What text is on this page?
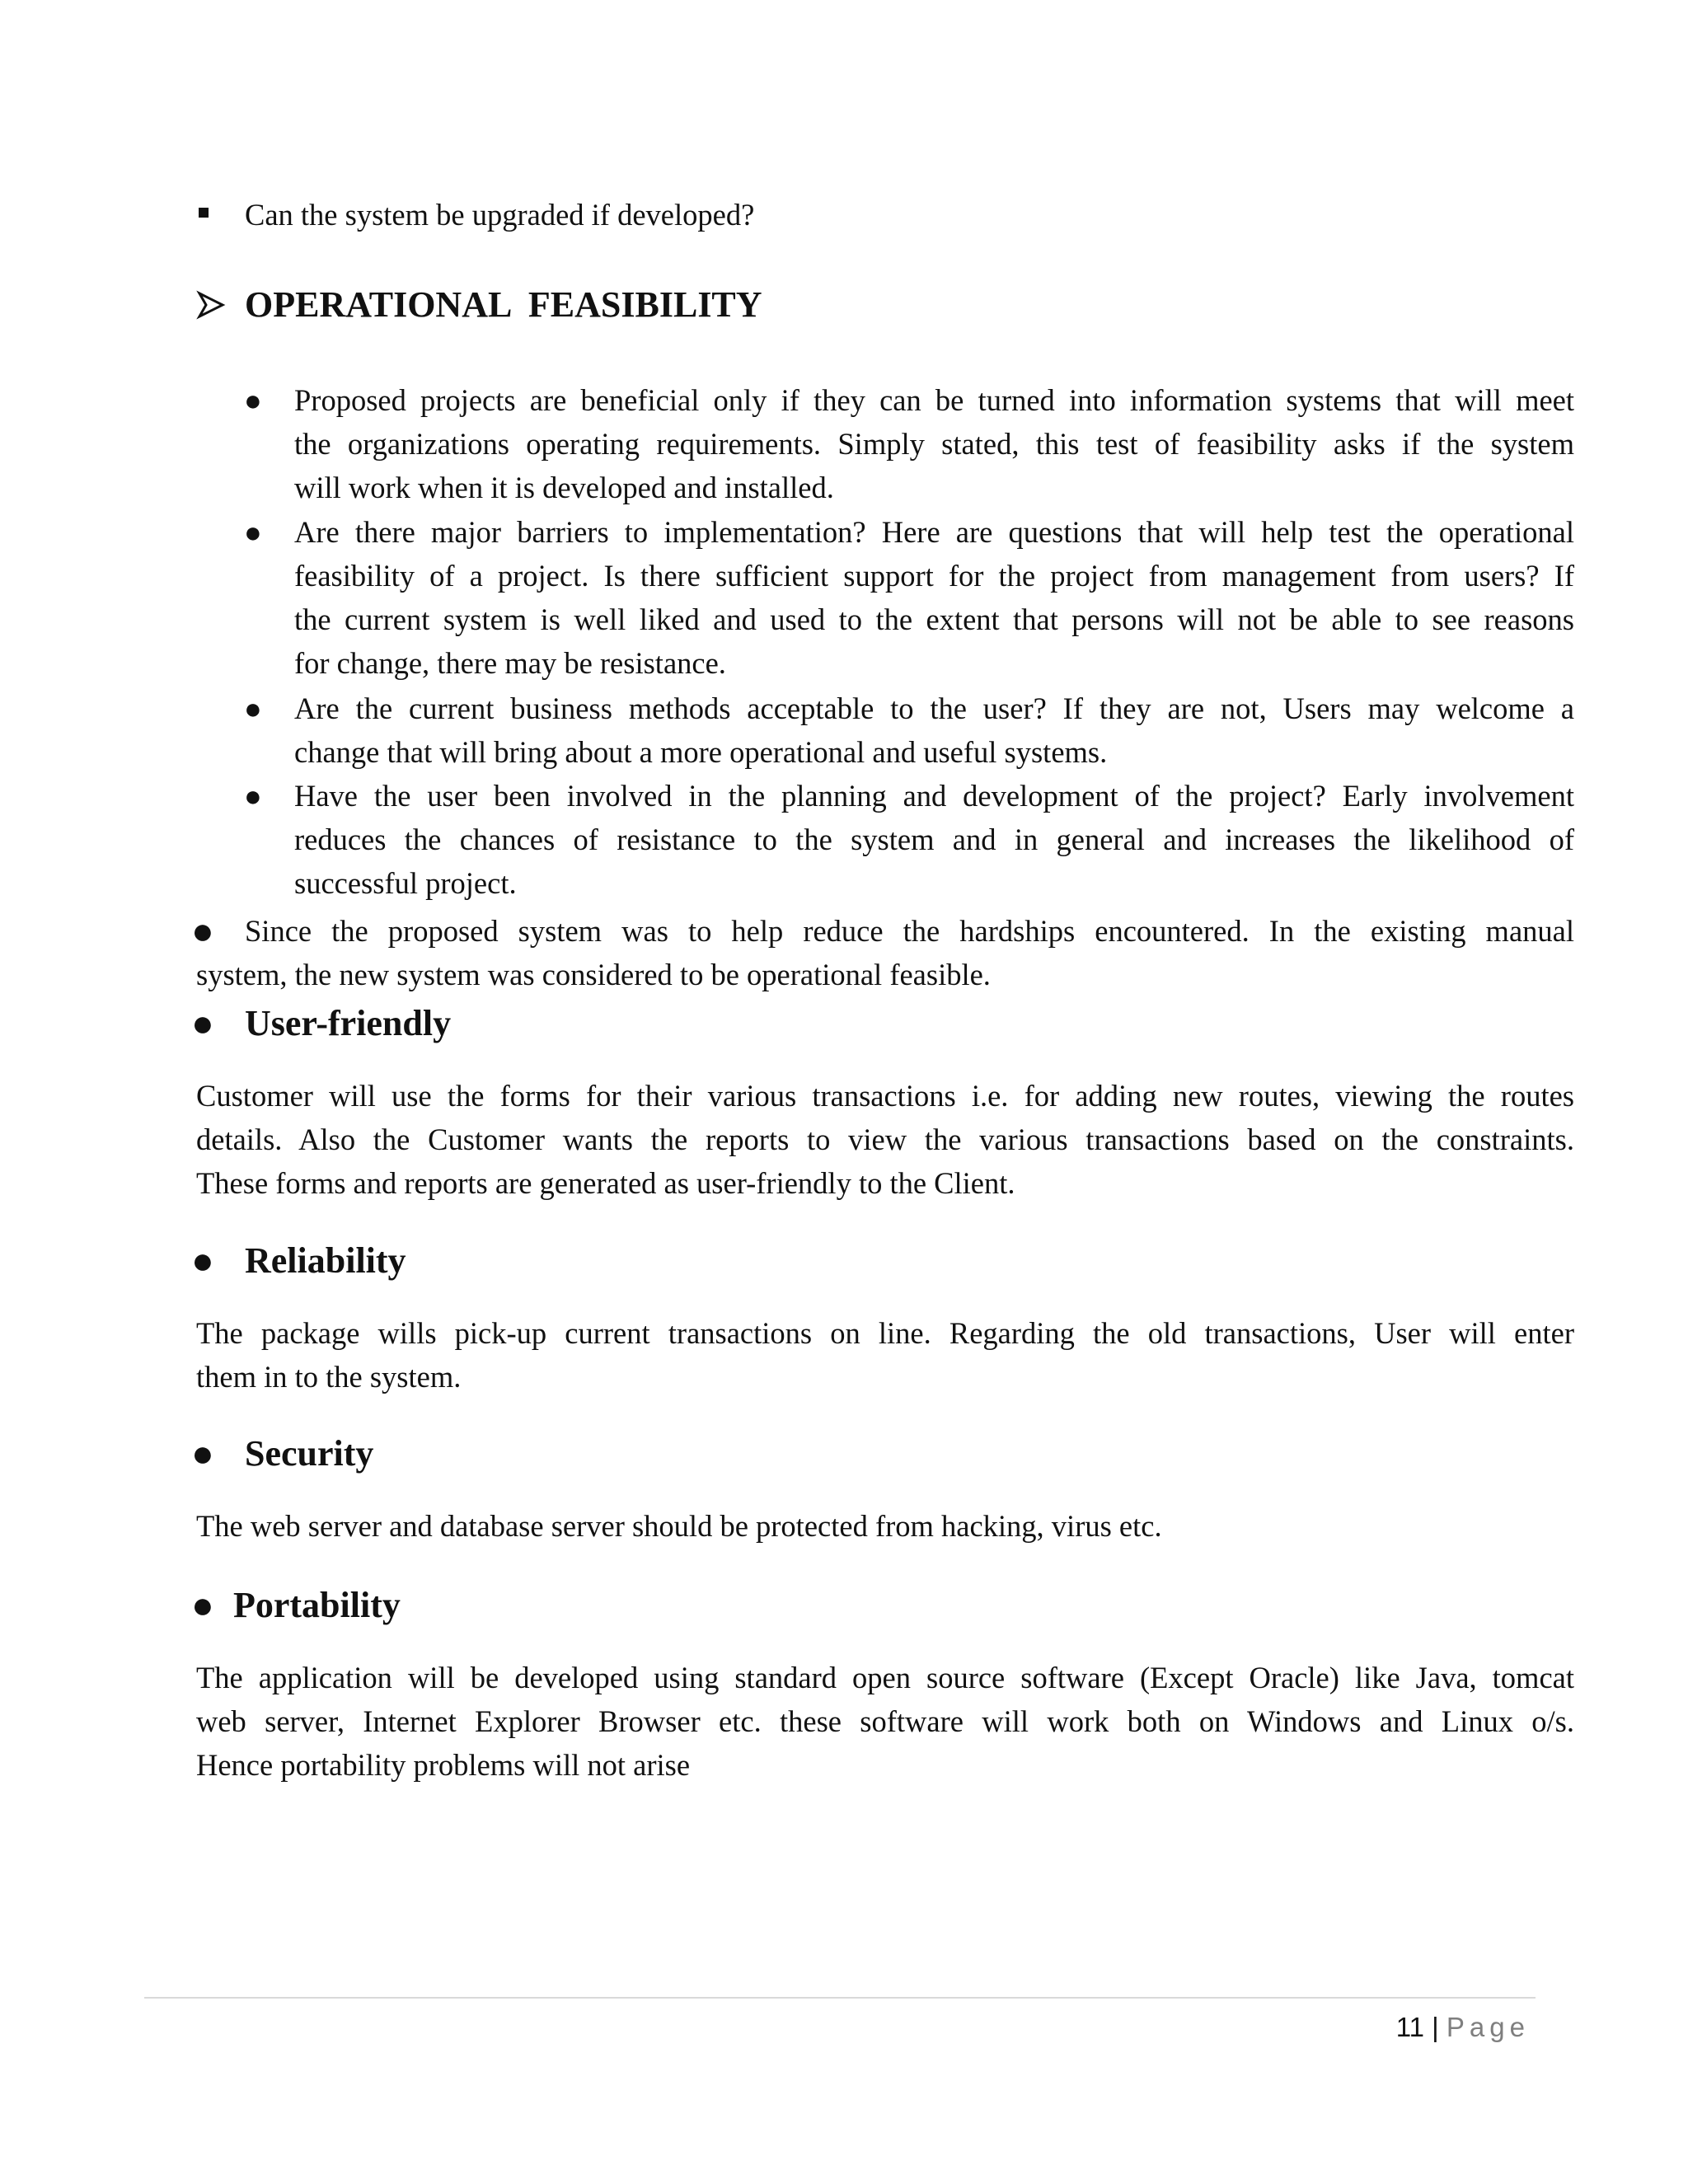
Can the system be upgraded if developed?
OPERATIONAL  FEASIBILITY
● Proposed projects are beneficial only if they can be turned into information systems that will meet
the organizations operating requirements. Simply stated, this test of feasibility asks if the system
will work when it is developed and installed.
● Are there major barriers to implementation? Here are questions that will help test the operational
feasibility of a project. Is there sufficient support for the project from management from users? If
the current system is well liked and used to the extent that persons will not be able to see reasons
for change, there may be resistance.
● Are the current business methods acceptable to the user? If they are not, Users may welcome a
change that will bring about a more operational and useful systems.
● Have the user been involved in the planning and development of the project? Early involvement
reduces the chances of resistance to the system and in general and increases the likelihood of
successful project.
● Since the proposed system was to help reduce the hardships encountered. In the existing manual
system, the new system was considered to be operational feasible.
● User-friendly
Customer will use the forms for their various transactions i.e. for adding new routes, viewing the routes
details. Also the Customer wants the reports to view the various transactions based on the constraints.
These forms and reports are generated as user-friendly to the Client.
● Reliability
The package wills pick-up current transactions on line. Regarding the old transactions, User will enter
them in to the system.
● Security
The web server and database server should be protected from hacking, virus etc.
● Portability
The application will be developed using standard open source software (Except Oracle) like Java, tomcat
web server, Internet Explorer Browser etc. these software will work both on Windows and Linux o/s.
Hence portability problems will not arise
11 | Page
